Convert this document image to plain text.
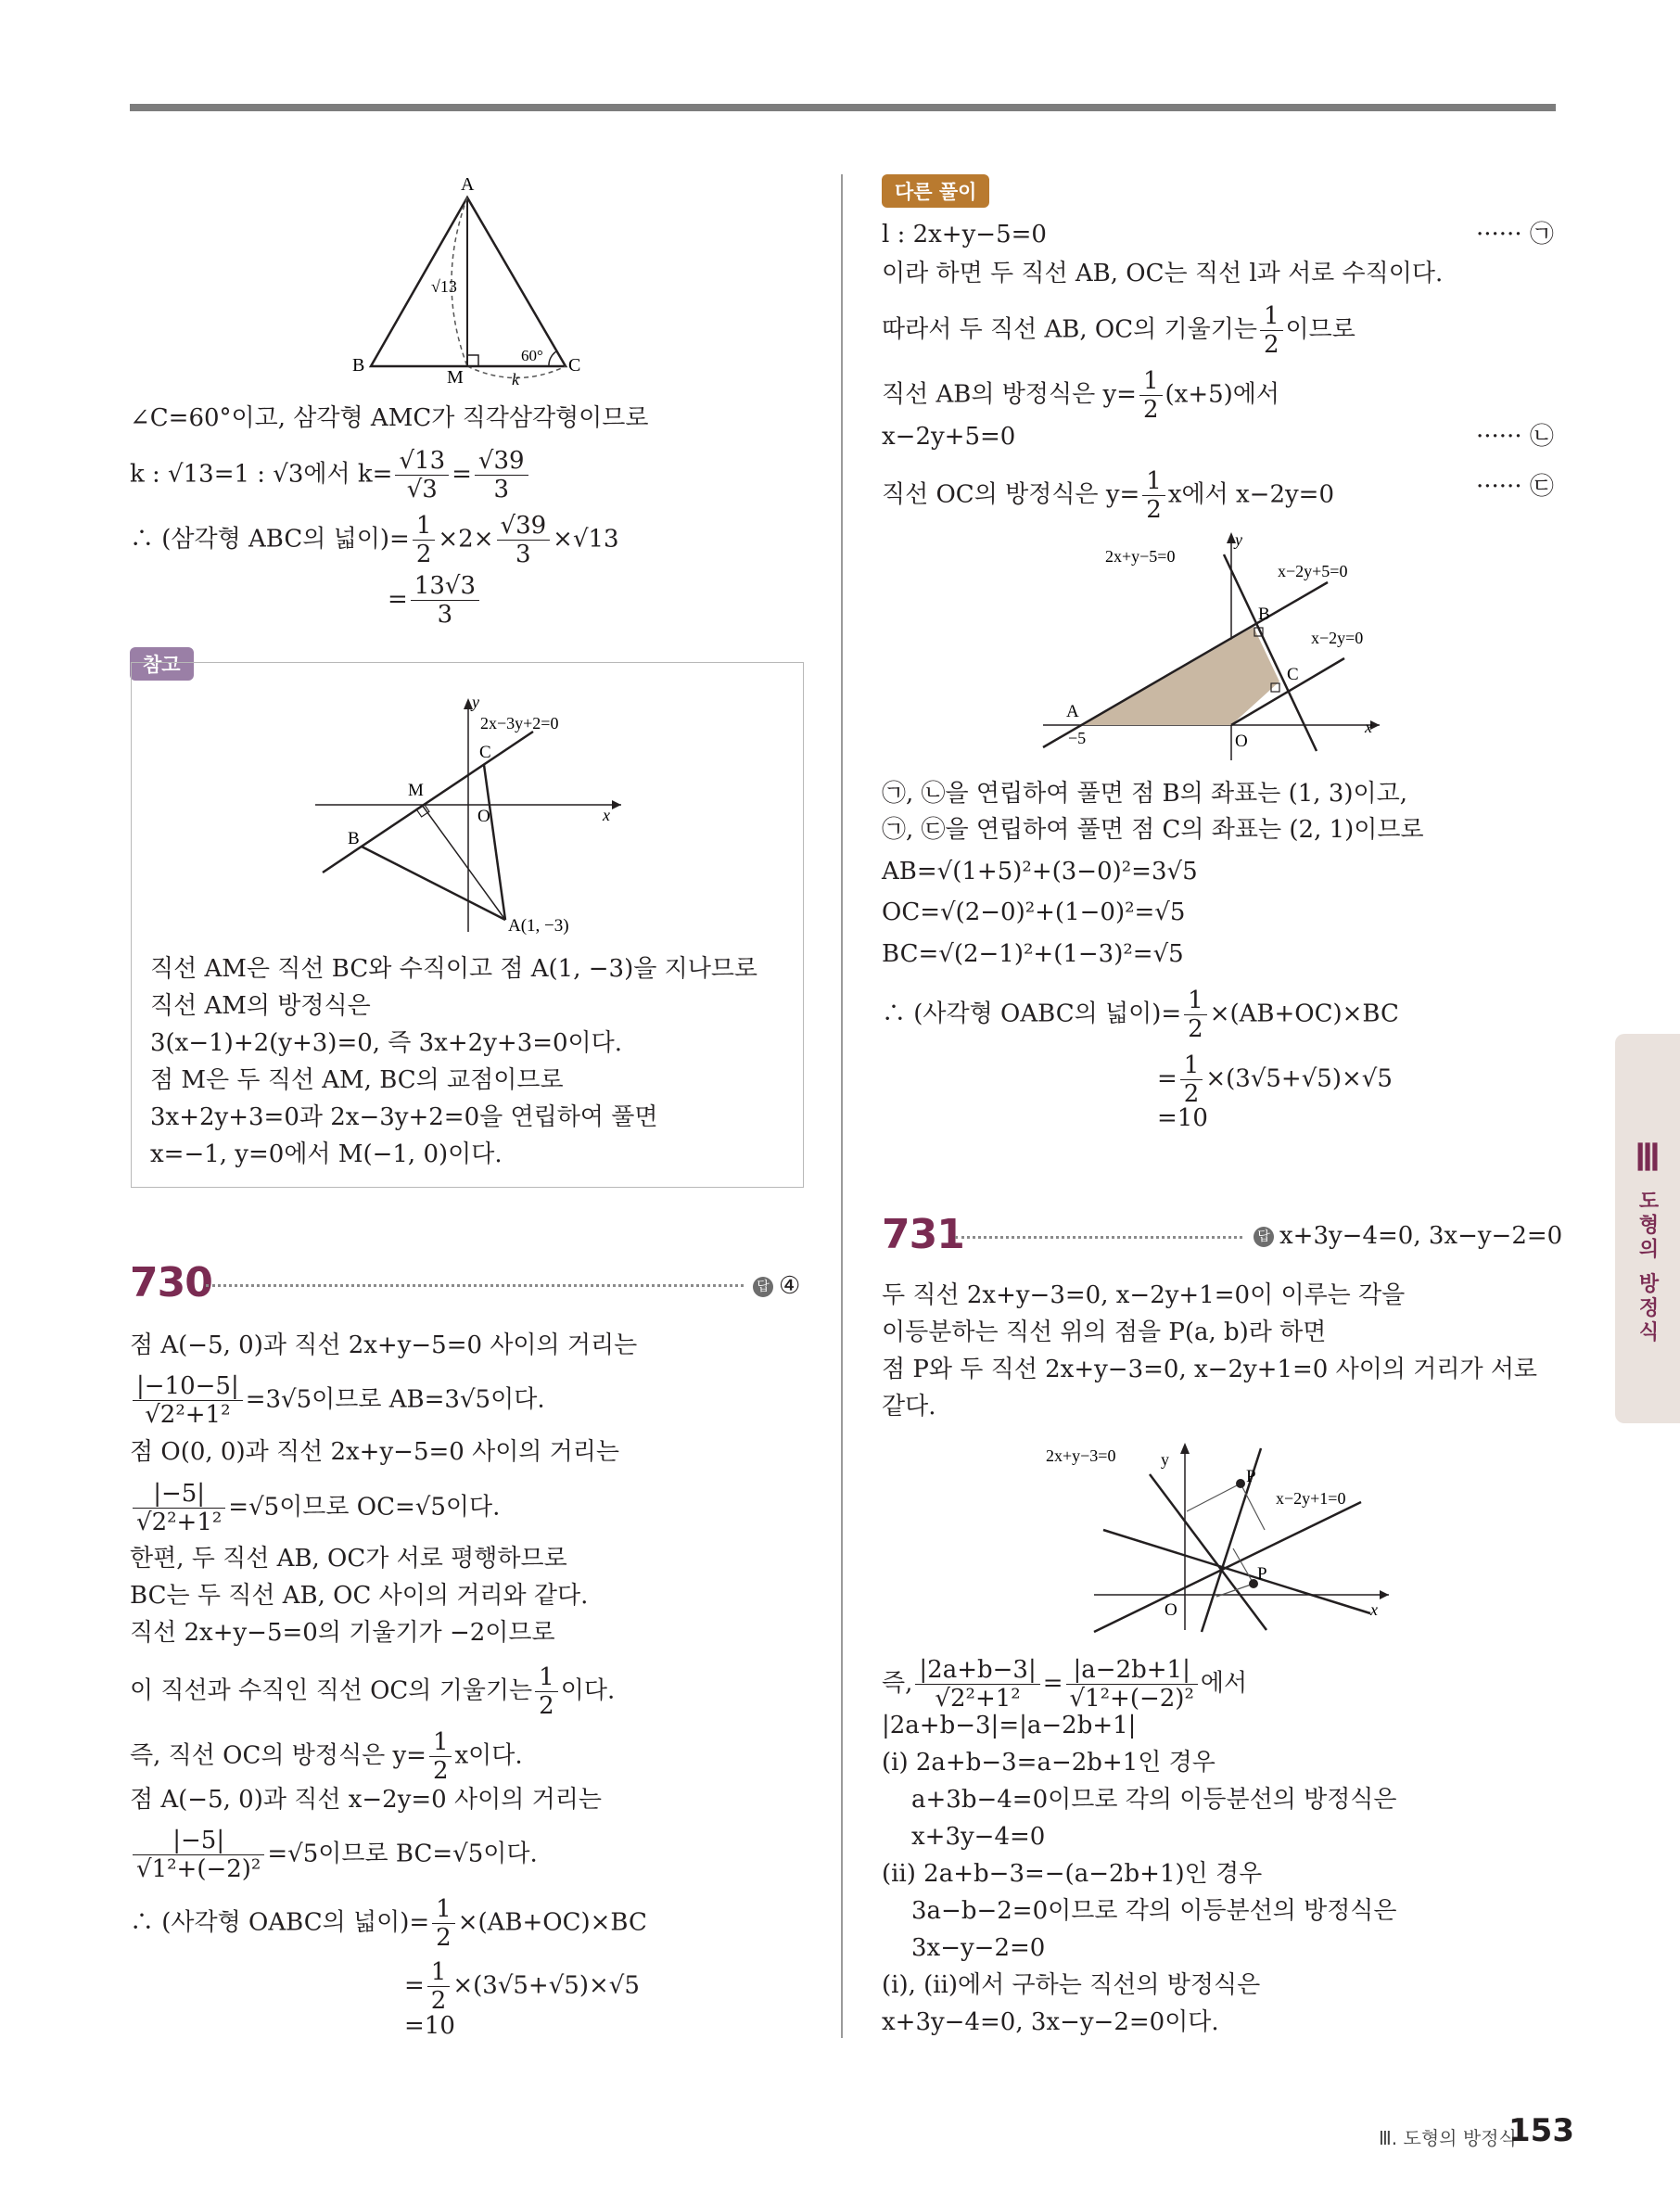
A
B	C
M
√13
60°
k
∠C=60°이고, 삼각형 AMC가 직각삼각형이므로
k : √13=1 : √3에서 $k= \frac{√13}{√3} = \frac{√39}{3}$
∴ (삼각형 ABC의 넓이)= $\frac{1}{2} \times 2\times \frac{√39}{3} \times√13$
= $\frac{13√3}{3}$
참고
y
x
O
C
M
B
A(1, −3)
2x−3y+2=0
직선 AM은 직선 BC와 수직이고 점 A(1, −3)을 지나므로
직선 AM의 방정식은
3(x−1)+2(y+3)=0, 즉 3x+2y+3=0이다.
점 M은 두 직선 AM, BC의 교점이므로
3x+2y+3=0과 2x−3y+2=0을 연립하여 풀면
x=−1, y=0에서 M(−1, 0)이다.
730	답 ④
점 A(−5, 0)과 직선 2x+y−5=0 사이의 거리는
$\frac{|-10-5|}{\text{√2²+1²}} =3√5$이므로 AB=3√5이다.
점 O(0, 0)과 직선 2x+y−5=0 사이의 거리는
$\frac{|-5|}{\text{√2²+1²}} =√5$이므로 OC=√5이다.
한편, 두 직선 AB, OC가 서로 평행하므로
BC는 두 직선 AB, OC 사이의 거리와 같다.
직선 2x+y−5=0의 기울기가 −2이므로
이 직선과 수직인 직선 OC의 기울기는 $\frac{1}{2}$ 이다.
즉, 직선 OC의 방정식은 $y= \frac{1}{2}$ x이다.
점 A(−5, 0)과 직선 x−2y=0 사이의 거리는
$\frac{|-5|}{\text{√1²+(−2)²}} =√5$이므로 BC=√5이다.
∴ (사각형 OABC의 넓이)= $\frac{1}{2} \times(AB+OC)\times BC$
= $\frac{1}{2} \times(3√5+√5)\times√5$
=10
다른 풀이
l : 2x+y−5=0	······ ㉠
이라 하면 두 직선 AB, OC는 직선 l과 서로 수직이다.
따라서 두 직선 AB, OC의 기울기는 $\frac{1}{2}$ 이므로
직선 AB의 방정식은 $y= \frac{1}{2} (x+5)$에서
x−2y+5=0	······ ㉡
직선 OC의 방정식은 $y= \frac{1}{2}$ x에서 x−2y=0	······ ㉢
y
x
O
A
B
C
−5
2x+y−5=0
x−2y+5=0
x−2y=0
㉠, ㉡을 연립하여 풀면 점 B의 좌표는 (1, 3)이고,
㉠, ㉢을 연립하여 풀면 점 C의 좌표는 (2, 1)이므로
AB=√(1+5)²+(3−0)²=3√5
OC=√(2−0)²+(1−0)²=√5
BC=√(2−1)²+(1−3)²=√5
∴ (사각형 OABC의 넓이)= $\frac{1}{2} \times(AB+OC)\times BC$
= $\frac{1}{2} \times(3√5+√5)\times√5$
=10
731	답 x+3y−4=0, 3x−y−2=0
두 직선 2x+y−3=0, x−2y+1=0이 이루는 각을
이등분하는 직선 위의 점을 P(a, b)라 하면
점 P와 두 직선 2x+y−3=0, x−2y+1=0 사이의 거리가 서로
같다.
y
x
O
P
P
2x+y−3=0
x−2y+1=0
즉, $\frac{|2a+b-3|}{\text{√2²+1²}} = \frac{|a-2b+1|}{\text{√1²+(−2)²}}$ 에서
|2a+b−3|=|a−2b+1|
(ⅰ) 2a+b−3=a−2b+1인 경우
a+3b−4=0이므로 각의 이등분선의 방정식은
x+3y−4=0
(ⅱ) 2a+b−3=−(a−2b+1)인 경우
3a−b−2=0이므로 각의 이등분선의 방정식은
3x−y−2=0
(ⅰ), (ⅱ)에서 구하는 직선의 방정식은
x+3y−4=0, 3x−y−2=0이다.
Ⅲ
도형의 방정식
Ⅲ. 도형의 방정식
153
